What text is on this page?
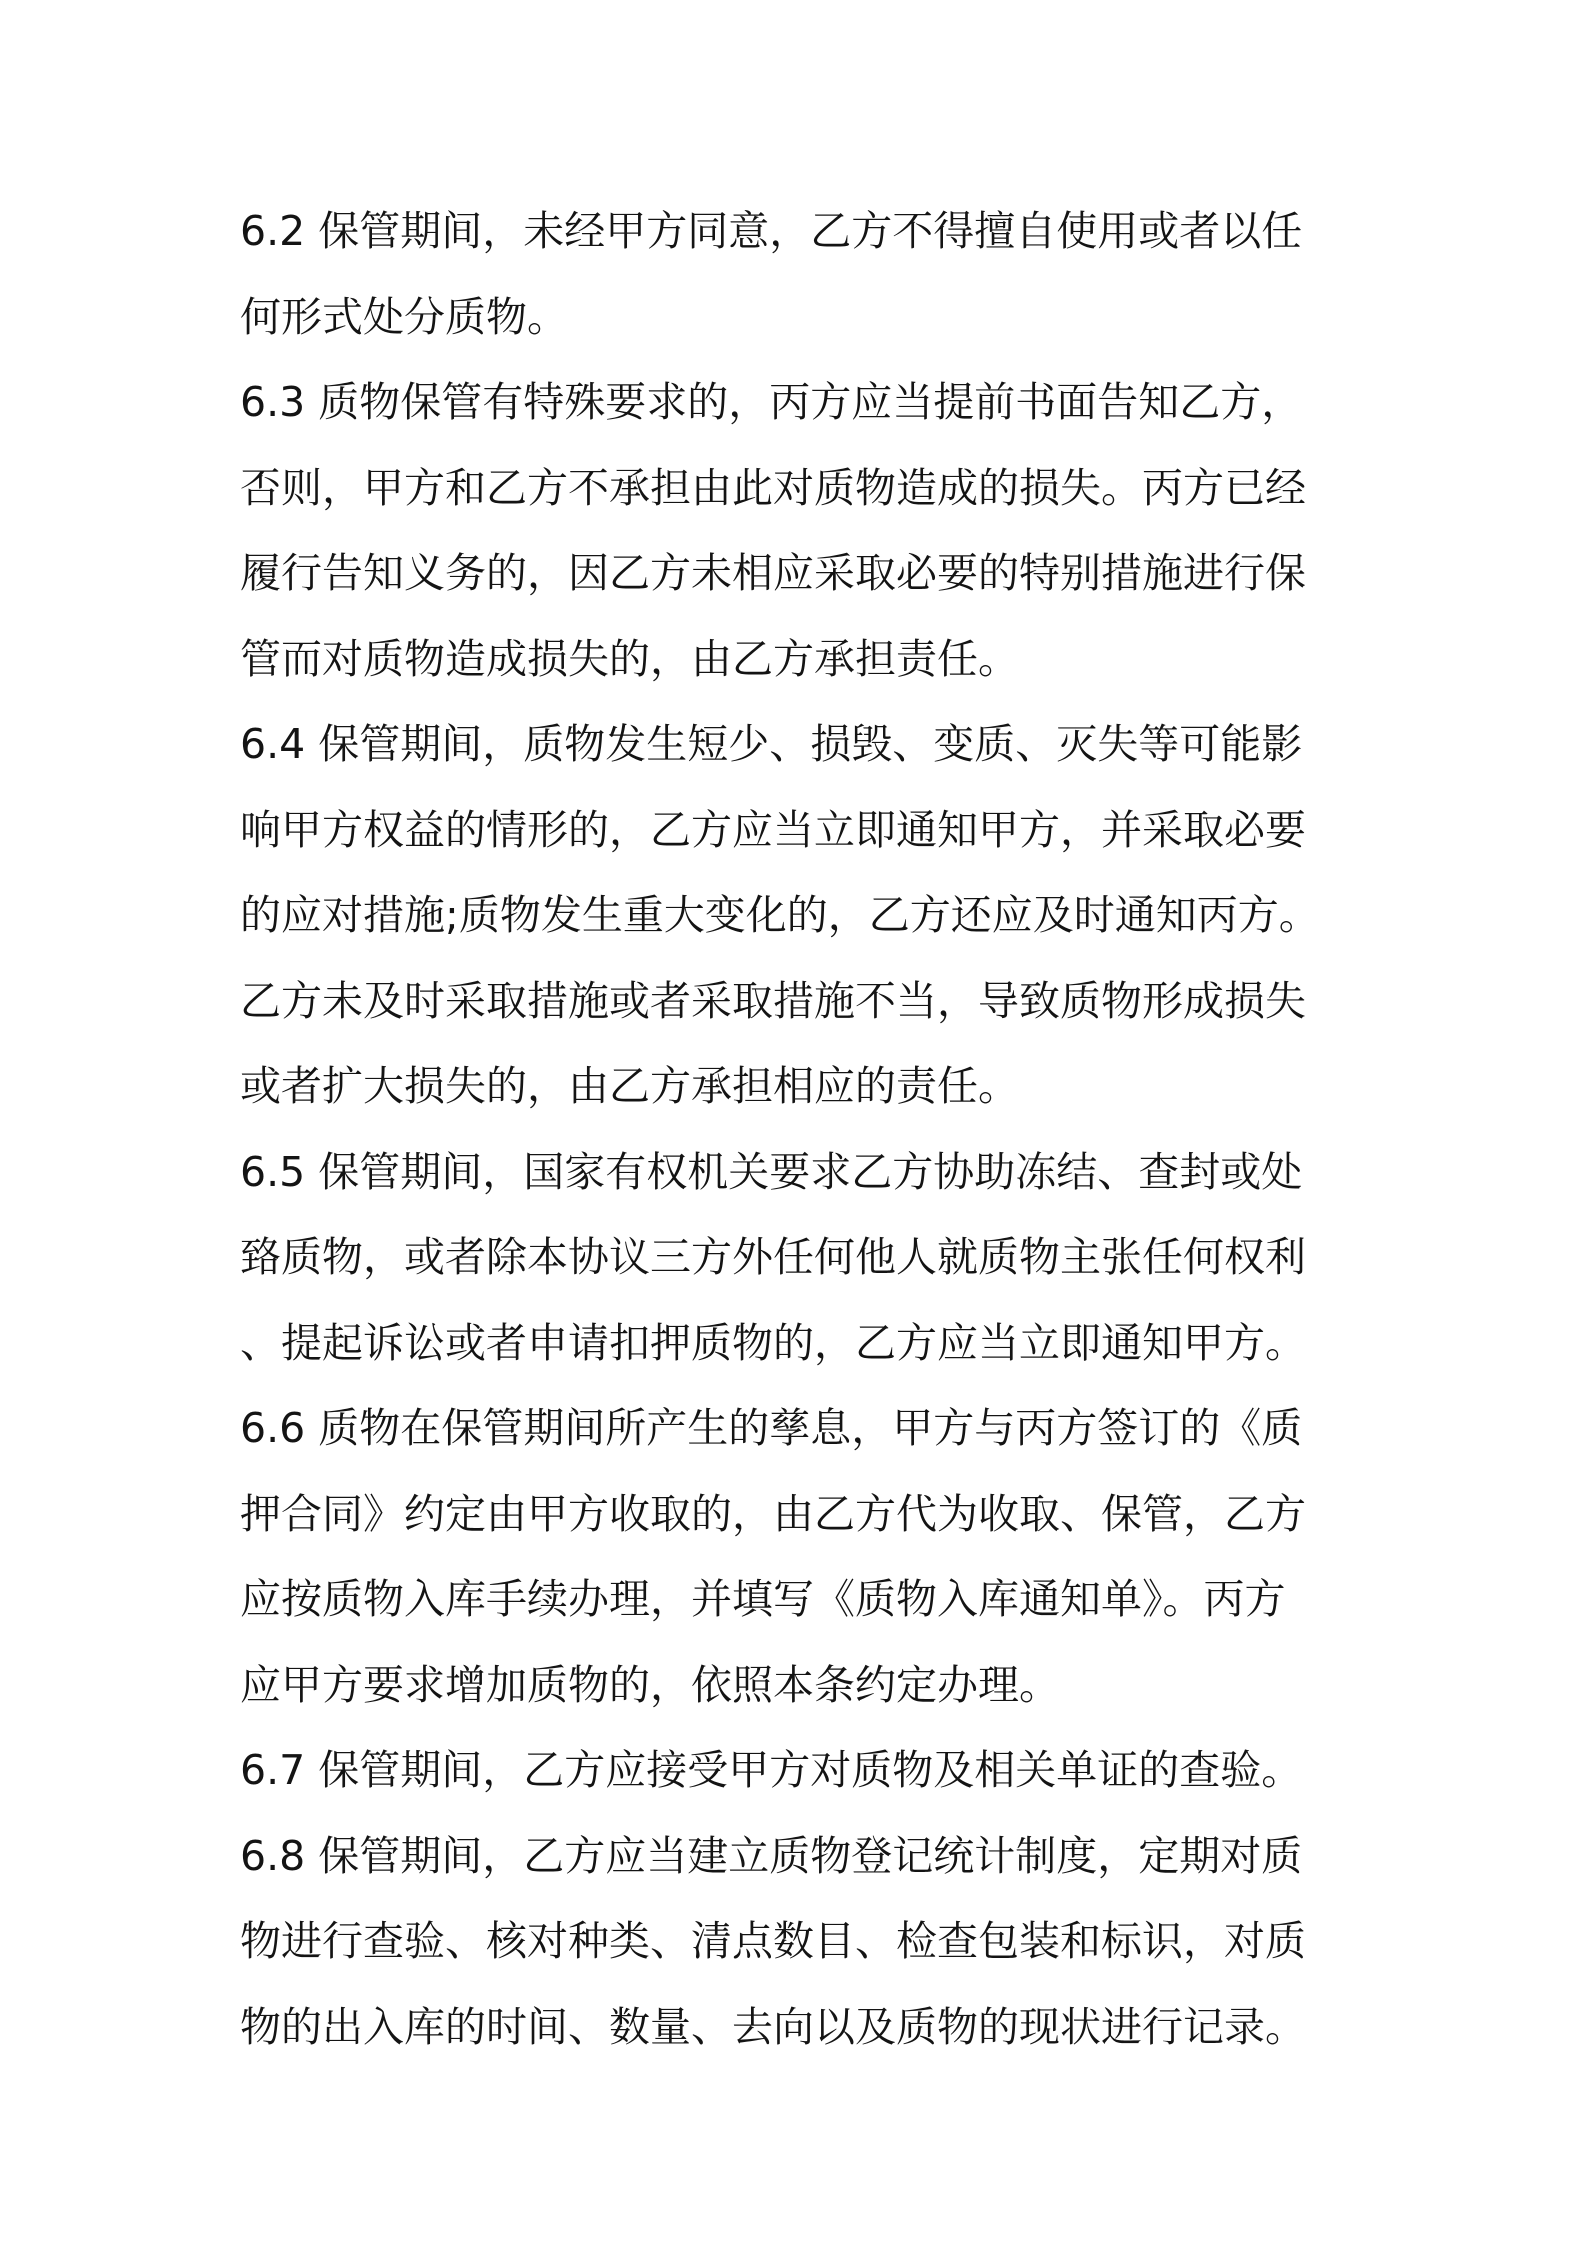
6.2 保管期间，未经甲方同意，乙方不得擅自使用或者以任
何形式处分质物。
6.3 质物保管有特殊要求的，丙方应当提前书面告知乙方，
否则，甲方和乙方不承担由此对质物造成的损失。丙方已经
履行告知义务的，因乙方未相应采取必要的特别措施进行保
管而对质物造成损失的，由乙方承担责任。
6.4 保管期间，质物发生短少、损毁、变质、灭失等可能影
响甲方权益的情形的，乙方应当立即通知甲方，并采取必要
的应对措施;质物发生重大变化的，乙方还应及时通知丙方。
乙方未及时采取措施或者采取措施不当，导致质物形成损失
或者扩大损失的，由乙方承担相应的责任。
6.5 保管期间，国家有权机关要求乙方协助冻结、查封或处
臵质物，或者除本协议三方外任何他人就质物主张任何权利
、提起诉讼或者申请扣押质物的，乙方应当立即通知甲方。
6.6 质物在保管期间所产生的孳息，甲方与丙方签订的《质
押合同》约定由甲方收取的，由乙方代为收取、保管，乙方
应按质物入库手续办理，并填写《质物入库通知单》。丙方
应甲方要求增加质物的，依照本条约定办理。
6.7 保管期间，乙方应接受甲方对质物及相关单证的查验。
6.8 保管期间，乙方应当建立质物登记统计制度，定期对质
物进行查验、核对种类、清点数目、检查包装和标识，对质
物的出入库的时间、数量、去向以及质物的现状进行记录。
